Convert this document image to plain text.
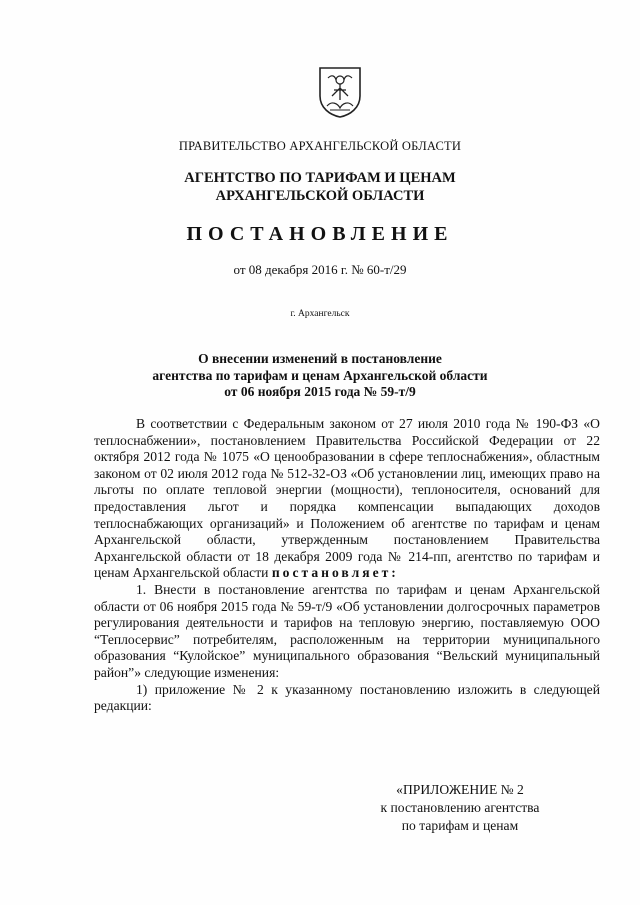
ПРАВИТЕЛЬСТВО АРХАНГЕЛЬСКОЙ ОБЛАСТИ
АГЕНТСТВО ПО ТАРИФАМ И ЦЕНАМ
АРХАНГЕЛЬСКОЙ ОБЛАСТИ
ПОСТАНОВЛЕНИЕ
от 08 декабря 2016 г. № 60-т/29
г. Архангельск
О внесении изменений в постановление
агентства по тарифам и ценам Архангельской области
от 06 ноября 2015 года № 59-т/9

В соответствии с Федеральным законом от 27 июля 2010 года № 190-ФЗ «О теплоснабжении», постановлением Правительства Российской Федерации от 22 октября 2012 года № 1075 «О ценообразовании в сфере теплоснабжения», областным законом от 02 июля 2012 года № 512-32-ОЗ «Об установлении лиц, имеющих право на льготы по оплате тепловой энергии (мощности), теплоносителя, оснований для предоставления льгот и порядка компенсации выпадающих доходов теплоснабжающих организаций» и Положением об агентстве по тарифам и ценам Архангельской области, утвержденным постановлением Правительства Архангельской области от 18 декабря 2009 года № 214-пп, агентство по тарифам и ценам Архангельской области постановляет:

1. Внести в постановление агентства по тарифам и ценам Архангельской области от 06 ноября 2015 года № 59-т/9 «Об установлении долгосрочных параметров регулирования деятельности и тарифов на тепловую энергию, поставляемую ООО “Теплосервис” потребителям, расположенным на территории муниципального образования “Кулойское” муниципального образования “Вельский муниципальный район”» следующие изменения:

1) приложение № 2 к указанному постановлению изложить в следующей редакции:

«ПРИЛОЖЕНИЕ № 2
к постановлению агентства
по тарифам и ценам
